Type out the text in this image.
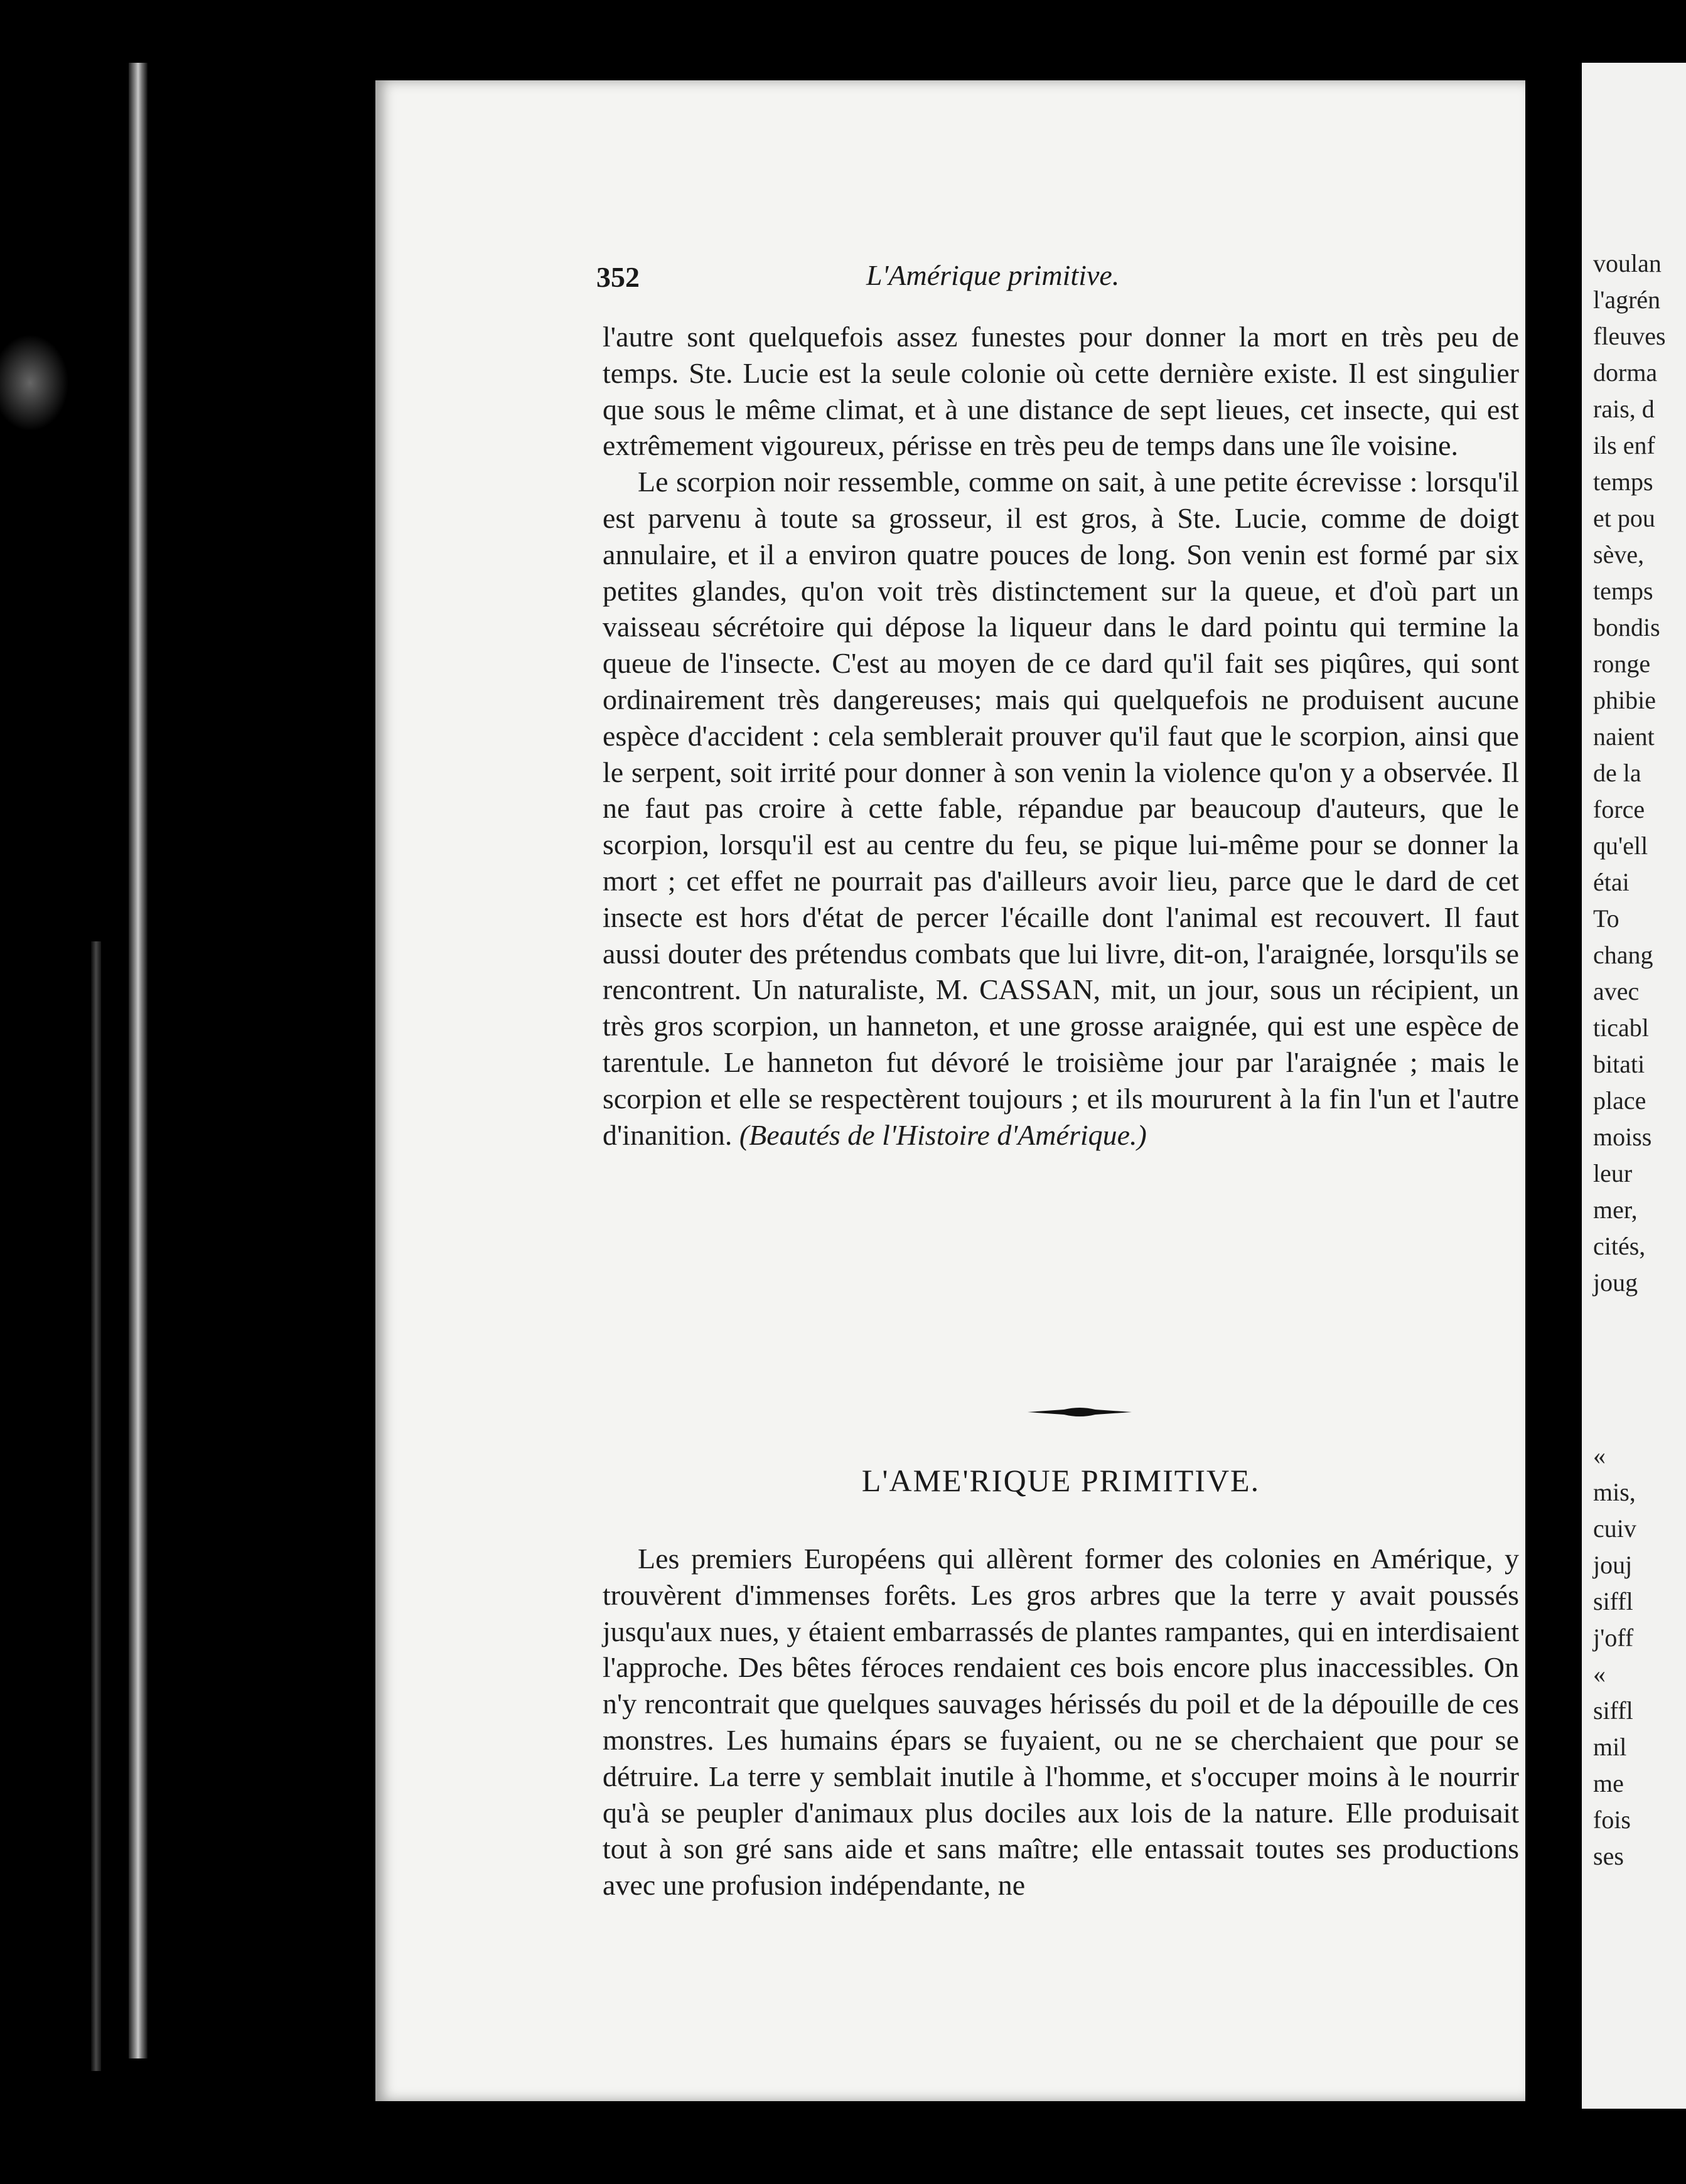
352	L'Amérique primitive.

l'autre sont quelquefois assez funestes pour donner la mort en très peu de temps. Ste. Lucie est la seule colonie où cette dernière existe. Il est singulier que sous le même climat, et à une distance de sept lieues, cet insecte, qui est extrêmement vigoureux, périsse en très peu de temps dans une île voisine.

Le scorpion noir ressemble, comme on sait, à une petite écrevisse : lorsqu'il est parvenu à toute sa grosseur, il est gros, à Ste. Lucie, comme de doigt annulaire, et il a environ quatre pouces de long. Son venin est formé par six petites glandes, qu'on voit très distinctement sur la queue, et d'où part un vaisseau sécrétoire qui dépose la liqueur dans le dard pointu qui termine la queue de l'insecte. C'est au moyen de ce dard qu'il fait ses piqûres, qui sont ordinairement très dangereuses; mais qui quelquefois ne produisent aucune espèce d'accident : cela semblerait prouver qu'il faut que le scorpion, ainsi que le serpent, soit irrité pour donner à son venin la violence qu'on y a observée. Il ne faut pas croire à cette fable, répandue par beaucoup d'auteurs, que le scorpion, lorsqu'il est au centre du feu, se pique lui-même pour se donner la mort ; cet effet ne pourrait pas d'ailleurs avoir lieu, parce que le dard de cet insecte est hors d'état de percer l'écaille dont l'animal est recouvert. Il faut aussi douter des prétendus combats que lui livre, dit-on, l'araignée, lorsqu'ils se rencontrent. Un naturaliste, M. CASSAN, mit, un jour, sous un récipient, un très gros scorpion, un hanneton, et une grosse araignée, qui est une espèce de tarentule. Le hanneton fut dévoré le troisième jour par l'araignée ; mais le scorpion et elle se respectèrent toujours ; et ils moururent à la fin l'un et l'autre d'inanition. (Beautés de l'Histoire d'Amérique.)

L'AME'RIQUE PRIMITIVE.

Les premiers Européens qui allèrent former des colonies en Amérique, y trouvèrent d'immenses forêts. Les gros arbres que la terre y avait poussés jusqu'aux nues, y étaient embarrassés de plantes rampantes, qui en interdisaient l'approche. Des bêtes féroces rendaient ces bois encore plus inaccessibles. On n'y rencontrait que quelques sauvages hérissés du poil et de la dépouille de ces monstres. Les humains épars se fuyaient, ou ne se cherchaient que pour se détruire. La terre y semblait inutile à l'homme, et s'occuper moins à le nourrir qu'à se peupler d'animaux plus dociles aux lois de la nature. Elle produisait tout à son gré sans aide et sans maître; elle entassait toutes ses productions avec une profusion indépendante, ne

voulan
l'agrén
fleuves
dorma
rais, d
ils enf
temps
et pou
sève,
temps
bondis
ronge
phibie
naient
de la
force
qu'ell
étai
To
chang
avec
ticabl
bitati
place
moiss
leur
mer,
cités,
joug
«
mis,
cuiv
jouj
siffl
j'off
«
siffl
mil
me
fois
ses
